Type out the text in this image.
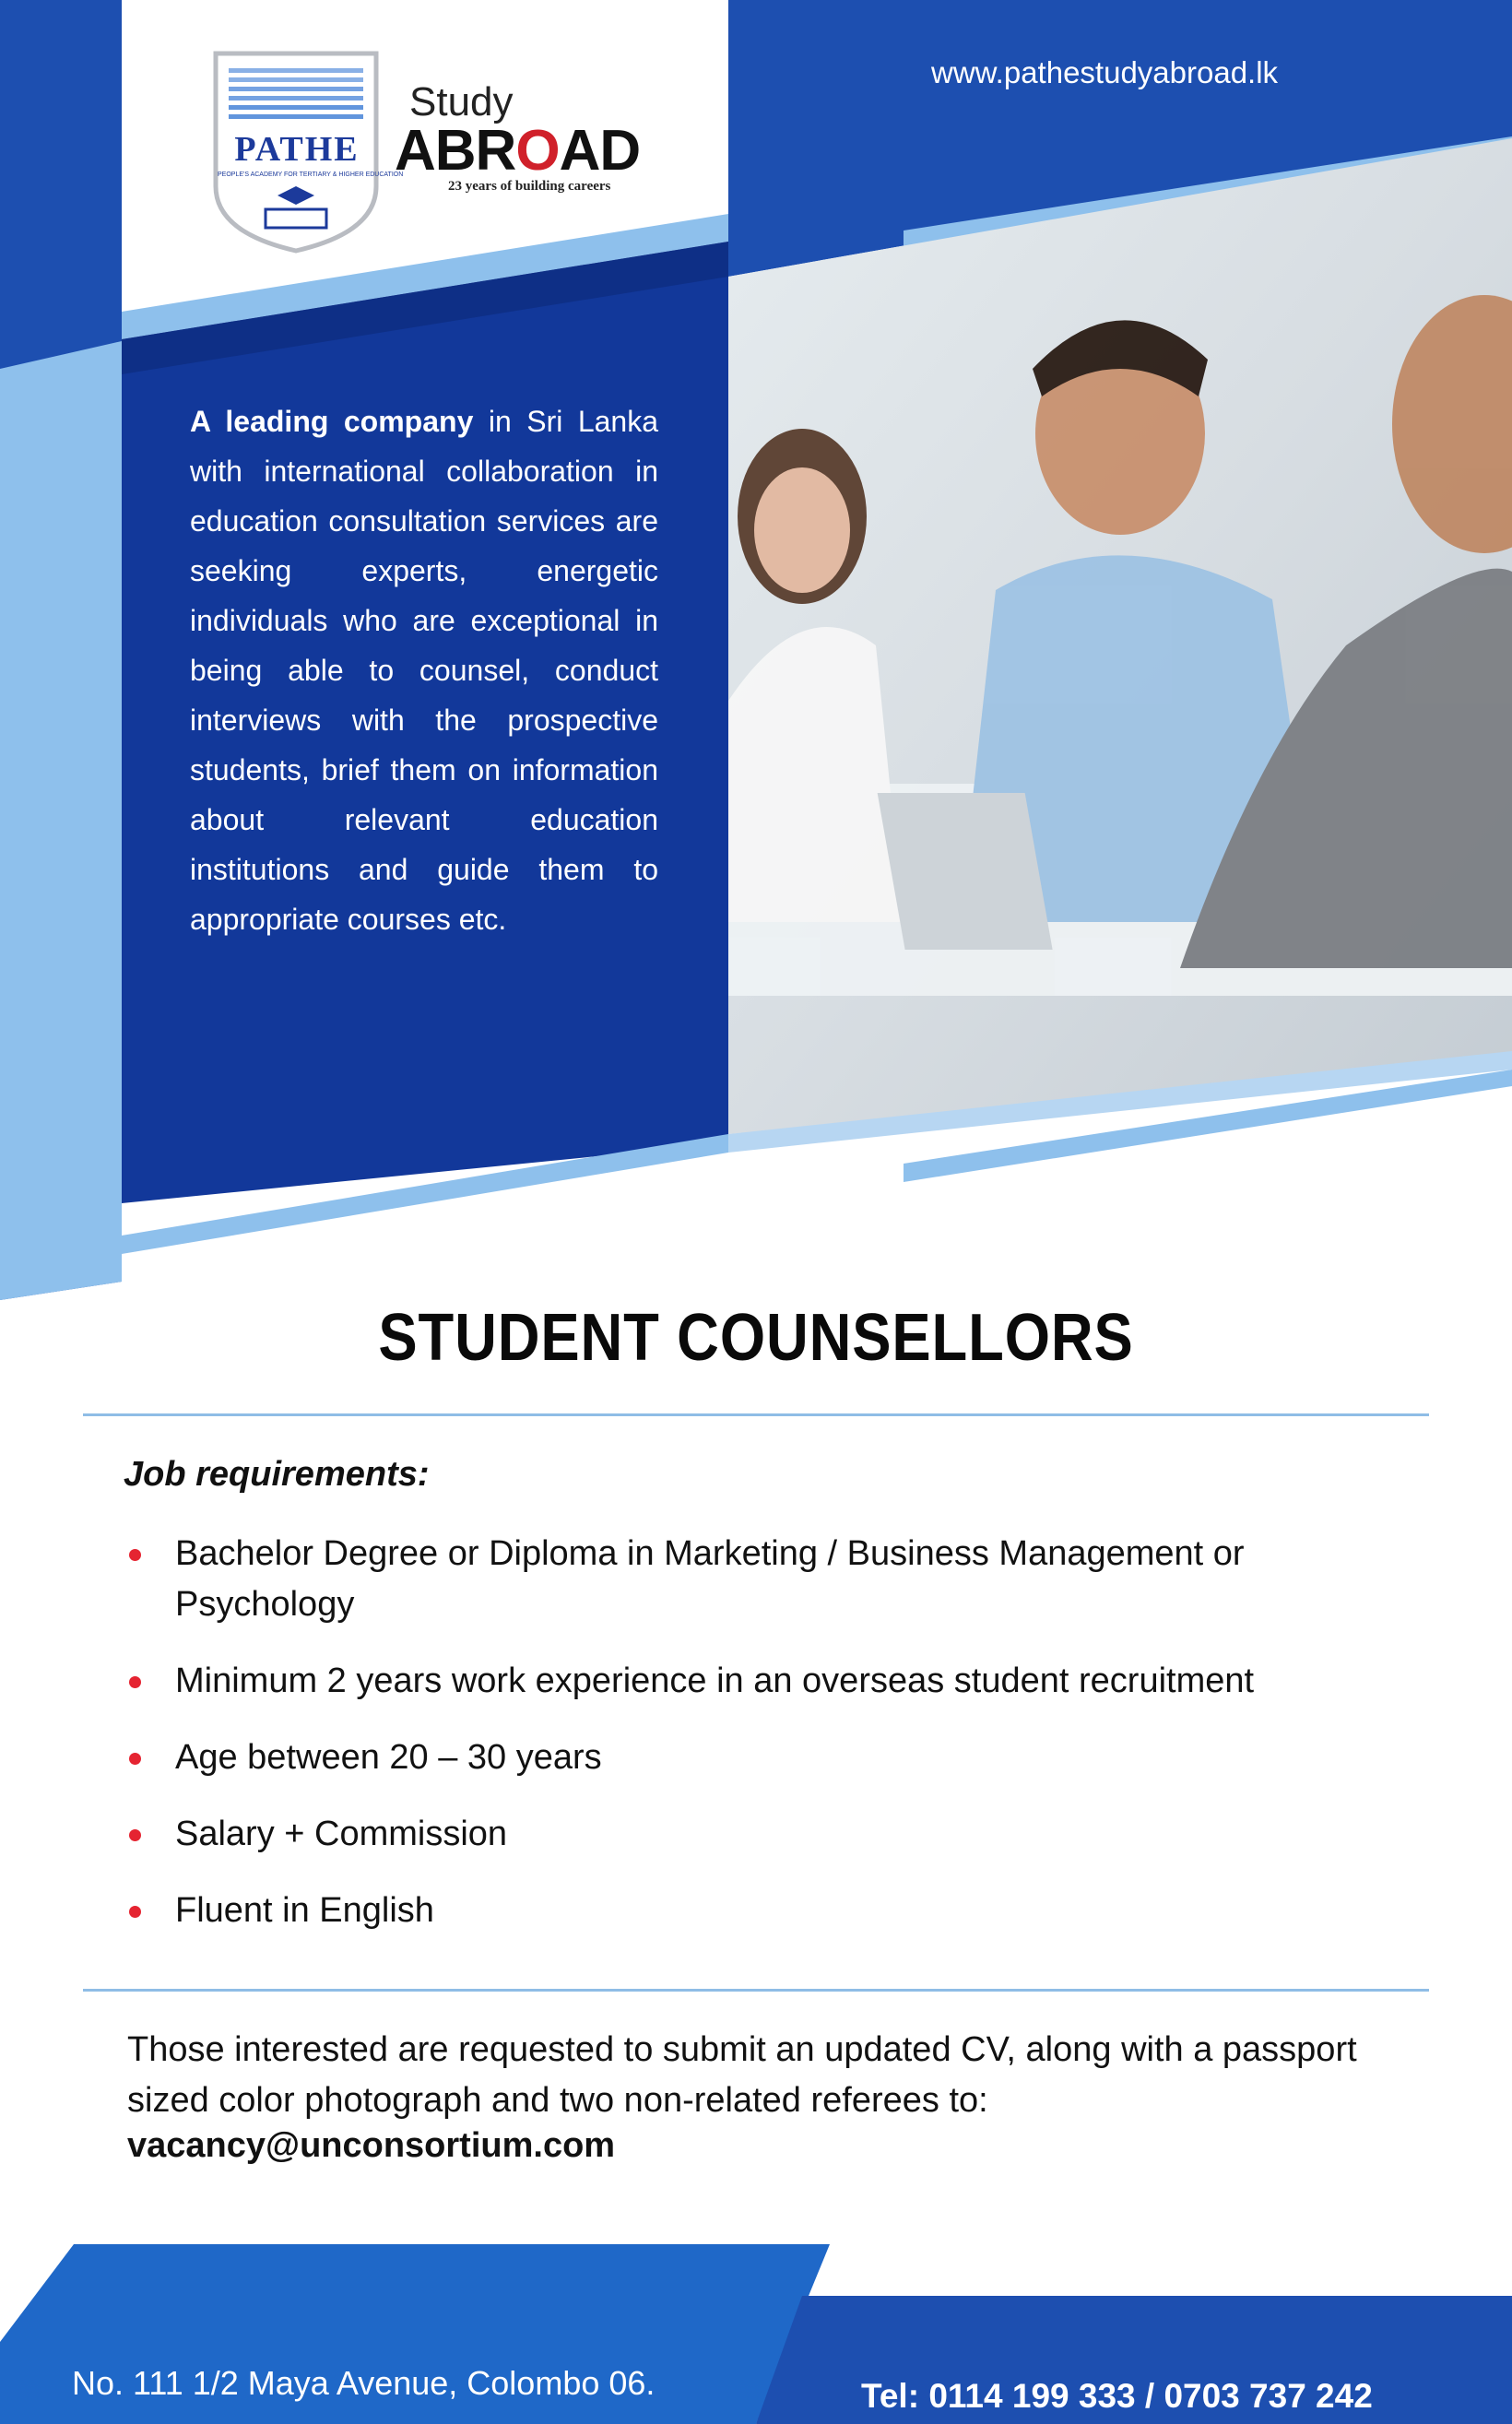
PATHE
PEOPLE'S ACADEMY FOR TERTIARY & HIGHER EDUCATION
Study
ABROAD
23 years of building careers
www.pathestudyabroad.lk
A leading company in Sri Lanka with international collaboration in education consultation services are seeking experts, energetic individuals who are exceptional in being able to counsel, conduct interviews with the prospective students, brief them on information about relevant education institutions and guide them to appropriate courses etc.
STUDENT COUNSELLORS
Job requirements:
Bachelor Degree or Diploma in Marketing / Business Management or Psychology
Minimum 2 years work experience in an overseas student recruitment
Age between 20 – 30 years
Salary + Commission
Fluent in English
Those interested are requested to submit an updated CV, along with a passport sized color photograph and two non-related referees to:
vacancy@unconsortium.com
No. 111 1/2 Maya Avenue, Colombo 06.	Tel: 0114 199 333 / 0703 737 242
